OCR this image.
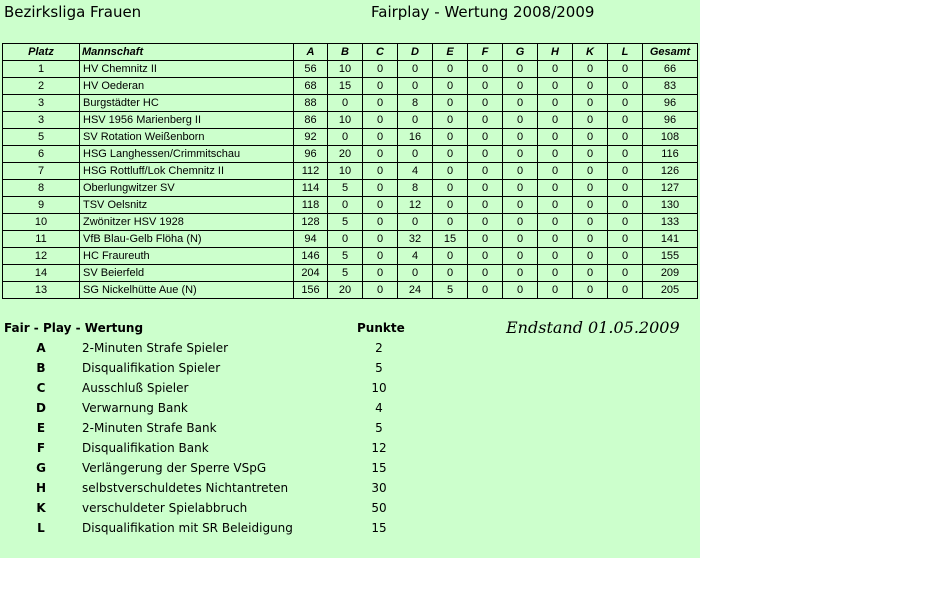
Bezirksliga Frauen	Fairplay - Wertung 2008/2009
Platz	Mannschaft	A	B	C	D	E	F	G	H	K	L	Gesamt
1	HV Chemnitz II	56	10	0	0	0	0	0	0	0	0	66
2	HV Oederan	68	15	0	0	0	0	0	0	0	0	83
3	Burgstädter HC	88	0	0	8	0	0	0	0	0	0	96
3	HSV 1956 Marienberg II	86	10	0	0	0	0	0	0	0	0	96
5	SV Rotation Weißenborn	92	0	0	16	0	0	0	0	0	0	108
6	HSG Langhessen/Crimmitschau	96	20	0	0	0	0	0	0	0	0	116
7	HSG Rottluff/Lok Chemnitz II	112	10	0	4	0	0	0	0	0	0	126
8	Oberlungwitzer SV	114	5	0	8	0	0	0	0	0	0	127
9	TSV Oelsnitz	118	0	0	12	0	0	0	0	0	0	130
10	Zwönitzer HSV 1928	128	5	0	0	0	0	0	0	0	0	133
11	VfB Blau-Gelb Flöha (N)	94	0	0	32	15	0	0	0	0	0	141
12	HC Fraureuth	146	5	0	4	0	0	0	0	0	0	155
14	SV Beierfeld	204	5	0	0	0	0	0	0	0	0	209
13	SG Nickelhütte Aue (N)	156	20	0	24	5	0	0	0	0	0	205
Fair - Play - Wertung	Punkte	Endstand 01.05.2009
A	2-Minuten Strafe Spieler	2
B	Disqualifikation Spieler	5
C	Ausschluß Spieler	10
D	Verwarnung Bank	4
E	2-Minuten Strafe Bank	5
F	Disqualifikation Bank	12
G	Verlängerung der Sperre VSpG	15
H	selbstverschuldetes Nichtantreten	30
K	verschuldeter Spielabbruch	50
L	Disqualifikation mit SR Beleidigung	15
